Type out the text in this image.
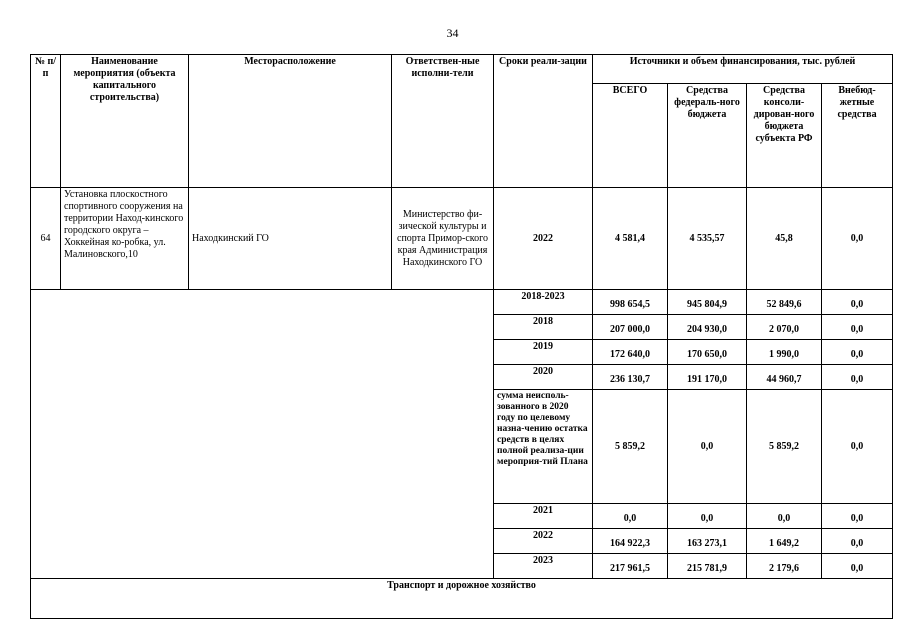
34
№ п/п	Наименование мероприятия (объекта капитального строительства)	Месторасположение	Ответствен-ные исполни-тели	Сроки реали-зации	Источники и объем финансирования, тыс. рублей			
					ВСЕГО	Средства федераль-ного бюджета	Средства консоли-дирован-ного бюджета субъекта РФ	Внебюд-жетные средства
64	Установка плоскостного спортивного сооружения на территории Наход-кинского городского округа – Хоккейная ко-робка, ул. Малиновского,10	Находкинский ГО	Министерство фи-зической культуры и спорта Примор-ского края Администрация Находкинского ГО	2022	4 581,4	4 535,57	45,8	0,0
				2018-2023	998 654,5	945 804,9	52 849,6	0,0
				2018	207 000,0	204 930,0	2 070,0	0,0
				2019	172 640,0	170 650,0	1 990,0	0,0
				2020	236 130,7	191 170,0	44 960,7	0,0
				сумма неисполь-зованного в 2020 году по целевому назна-чению остатка средств в целях полной реализа-ции мероприя-тий Плана	5 859,2	0,0	5 859,2	0,0
				2021	0,0	0,0	0,0	0,0
				2022	164 922,3	163 273,1	1 649,2	0,0
				2023	217 961,5	215 781,9	2 179,6	0,0
Транспорт и дорожное хозяйство								
